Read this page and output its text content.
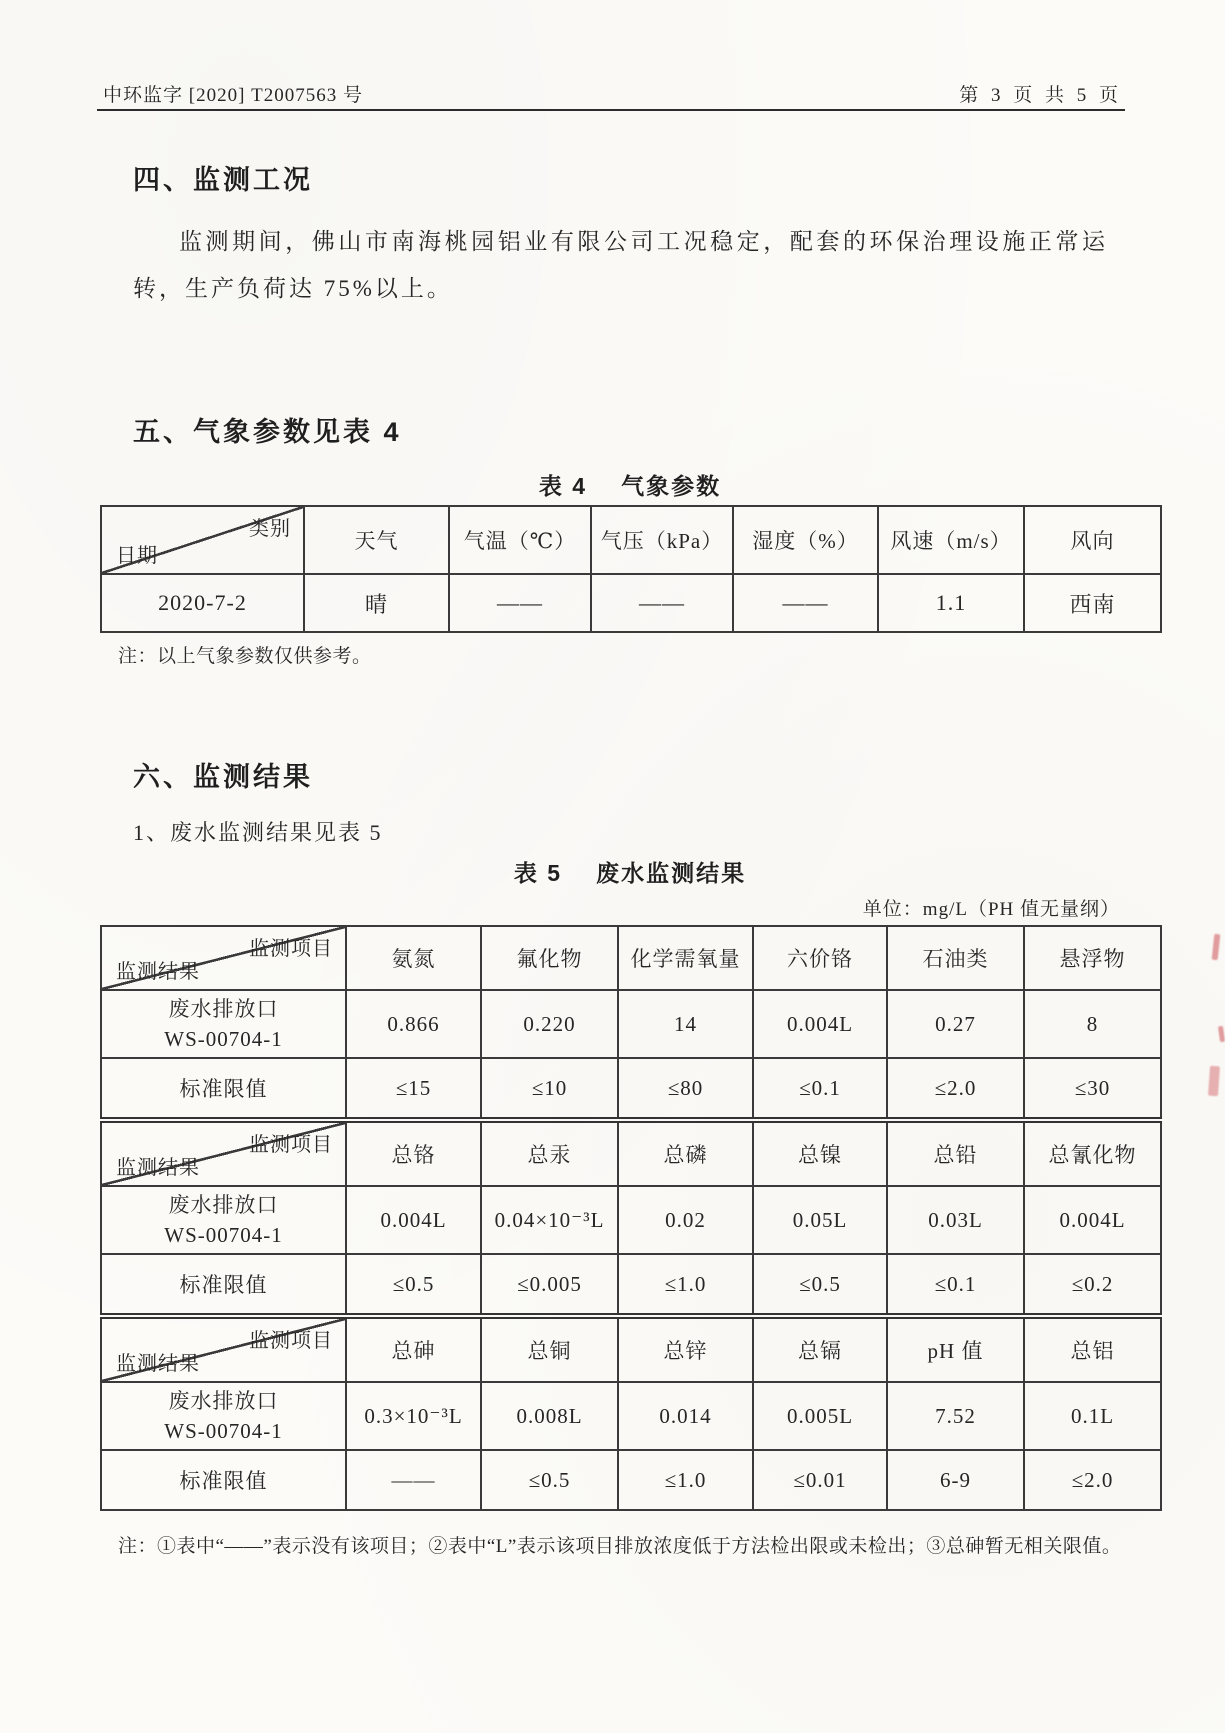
中环监字 [2020] T2007563 号	第 3 页 共 5 页
四、监测工况

监测期间，佛山市南海桃园铝业有限公司工况稳定，配套的环保治理设施正常运转，生产负荷达 75%以上。

五、气象参数见表 4
表 4 气象参数
类别
日期	天气	气温（℃）	气压（kPa）	湿度（%）	风速（m/s）	风向
2020-7-2	晴	——	——	——	1.1	西南

注：以上气象参数仅供参考。

六、监测结果

1、废水监测结果见表 5

表 5 废水监测结果

单位：mg/L（PH 值无量纲）

监测项目
监测结果	氨氮	氟化物	化学需氧量	六价铬	石油类	悬浮物

废水排放口
WS-00704-1	0.866	0.220	14	0.004L	0.27	8
标准限值	≤15	≤10	≤80	≤0.1	≤2.0	≤30

监测项目
监测结果	总铬	总汞	总磷	总镍	总铅	总氰化物

废水排放口
WS-00704-1	0.004L	0.04×10⁻³L	0.02	0.05L	0.03L	0.004L
标准限值	≤0.5	≤0.005	≤1.0	≤0.5	≤0.1	≤0.2

监测项目
监测结果	总砷	总铜	总锌	总镉	pH 值	总铝

废水排放口
WS-00704-1	0.3×10⁻³L	0.008L	0.014	0.005L	7.52	0.1L
标准限值	——	≤0.5	≤1.0	≤0.01	6-9	≤2.0

注：①表中“——”表示没有该项目；②表中“L”表示该项目排放浓度低于方法检出限或未检出；③总砷暂无相关限值。
